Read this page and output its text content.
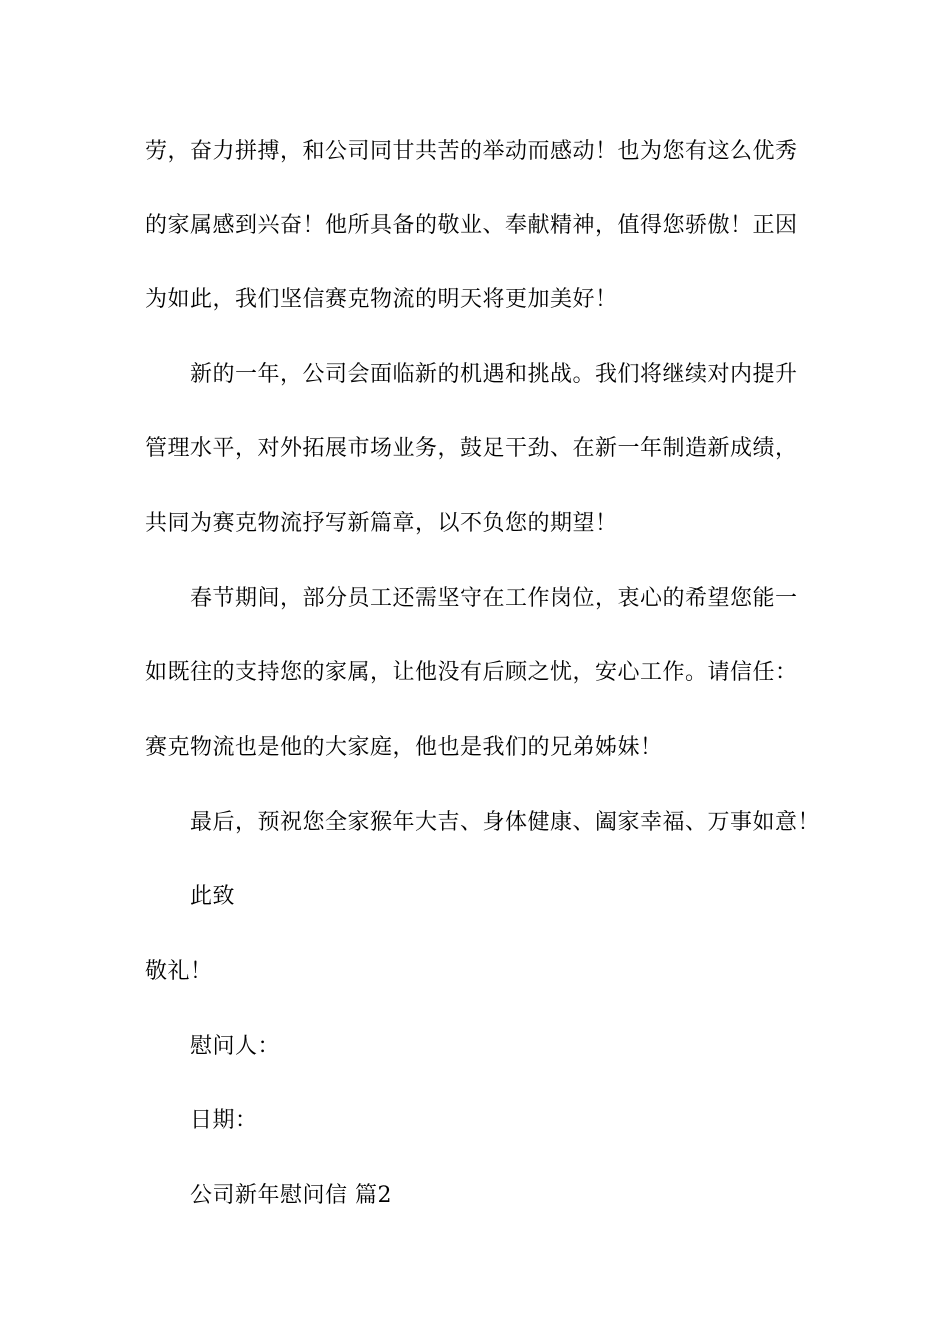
劳，奋力拼搏，和公司同甘共苦的举动而感动！也为您有这么优秀
的家属感到兴奋！他所具备的敬业、奉献精神，值得您骄傲！正因
为如此，我们坚信赛克物流的明天将更加美好！
新的一年，公司会面临新的机遇和挑战。我们将继续对内提升
管理水平，对外拓展市场业务，鼓足干劲、在新一年制造新成绩，
共同为赛克物流抒写新篇章，以不负您的期望！
春节期间，部分员工还需坚守在工作岗位，衷心的希望您能一
如既往的支持您的家属，让他没有后顾之忧，安心工作。请信任：
赛克物流也是他的大家庭，他也是我们的兄弟姊妹！
最后，预祝您全家猴年大吉、身体健康、阖家幸福、万事如意！
此致
敬礼！
慰问人：
日期：
公司新年慰问信 篇2
